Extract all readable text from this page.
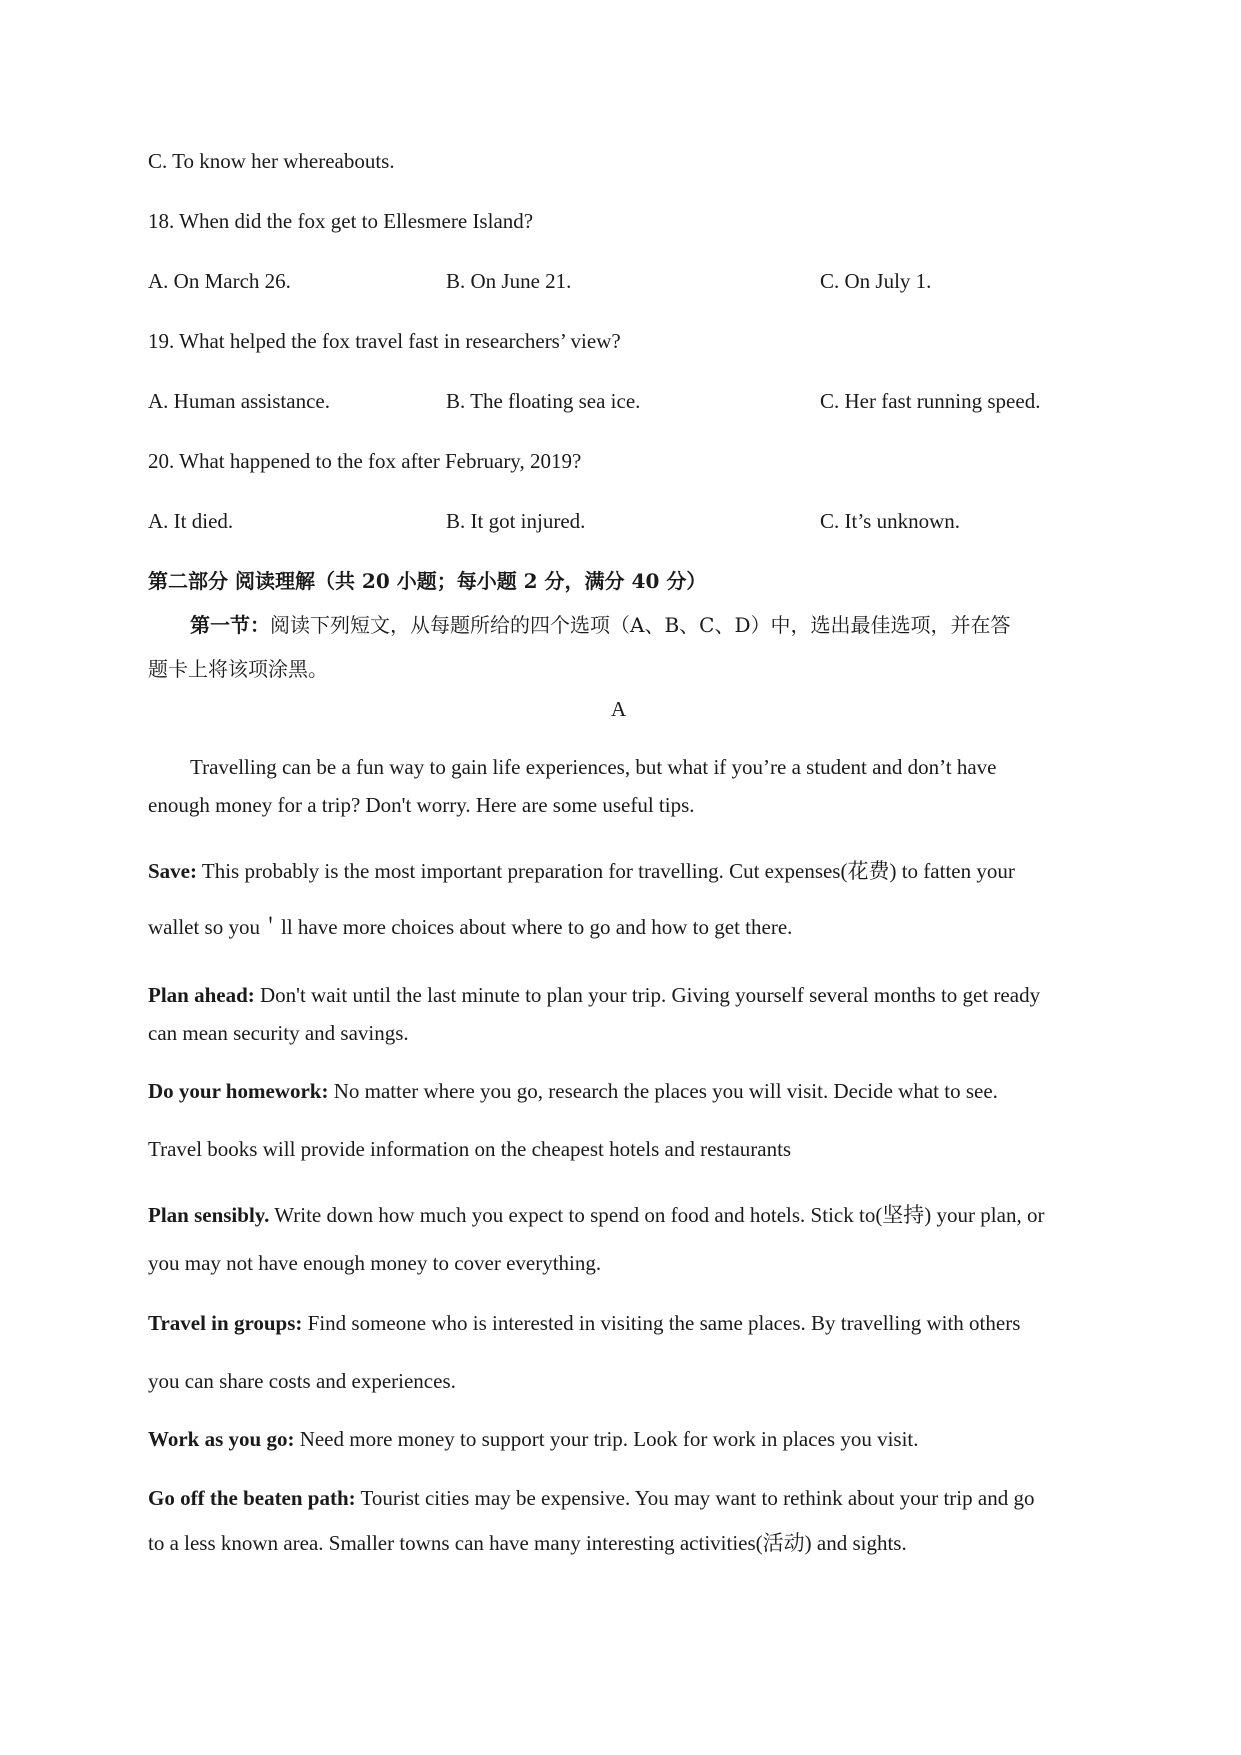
C. To know her whereabouts.
18. When did the fox get to Ellesmere Island?
A. On March 26.	B. On June 21.	C. On July 1.
19. What helped the fox travel fast in researchers’ view?
A. Human assistance.	B. The floating sea ice.	C. Her fast running speed.
20. What happened to the fox after February, 2019?
A. It died.	B. It got injured.	C. It’s unknown.
第二部分 阅读理解（共 20 小题；每小题 2 分，满分 40 分）
第一节：阅读下列短文，从每题所给的四个选项（A、B、C、D）中，选出最佳选项，并在答
题卡上将该项涂黑。
A
Travelling can be a fun way to gain life experiences, but what if you’re a student and don’t have
enough money for a trip? Don't worry. Here are some useful tips.
Save: This probably is the most important preparation for travelling. Cut expenses(花费) to fatten your
wallet so you＇ll have more choices about where to go and how to get there.
Plan ahead: Don't wait until the last minute to plan your trip. Giving yourself several months to get ready
can mean security and savings.
Do your homework: No matter where you go, research the places you will visit. Decide what to see.
Travel books will provide information on the cheapest hotels and restaurants
Plan sensibly. Write down how much you expect to spend on food and hotels. Stick to(坚持) your plan, or
you may not have enough money to cover everything.
Travel in groups: Find someone who is interested in visiting the same places. By travelling with others
you can share costs and experiences.
Work as you go: Need more money to support your trip. Look for work in places you visit.
Go off the beaten path: Tourist cities may be expensive. You may want to rethink about your trip and go
to a less known area. Smaller towns can have many interesting activities(活动) and sights.
